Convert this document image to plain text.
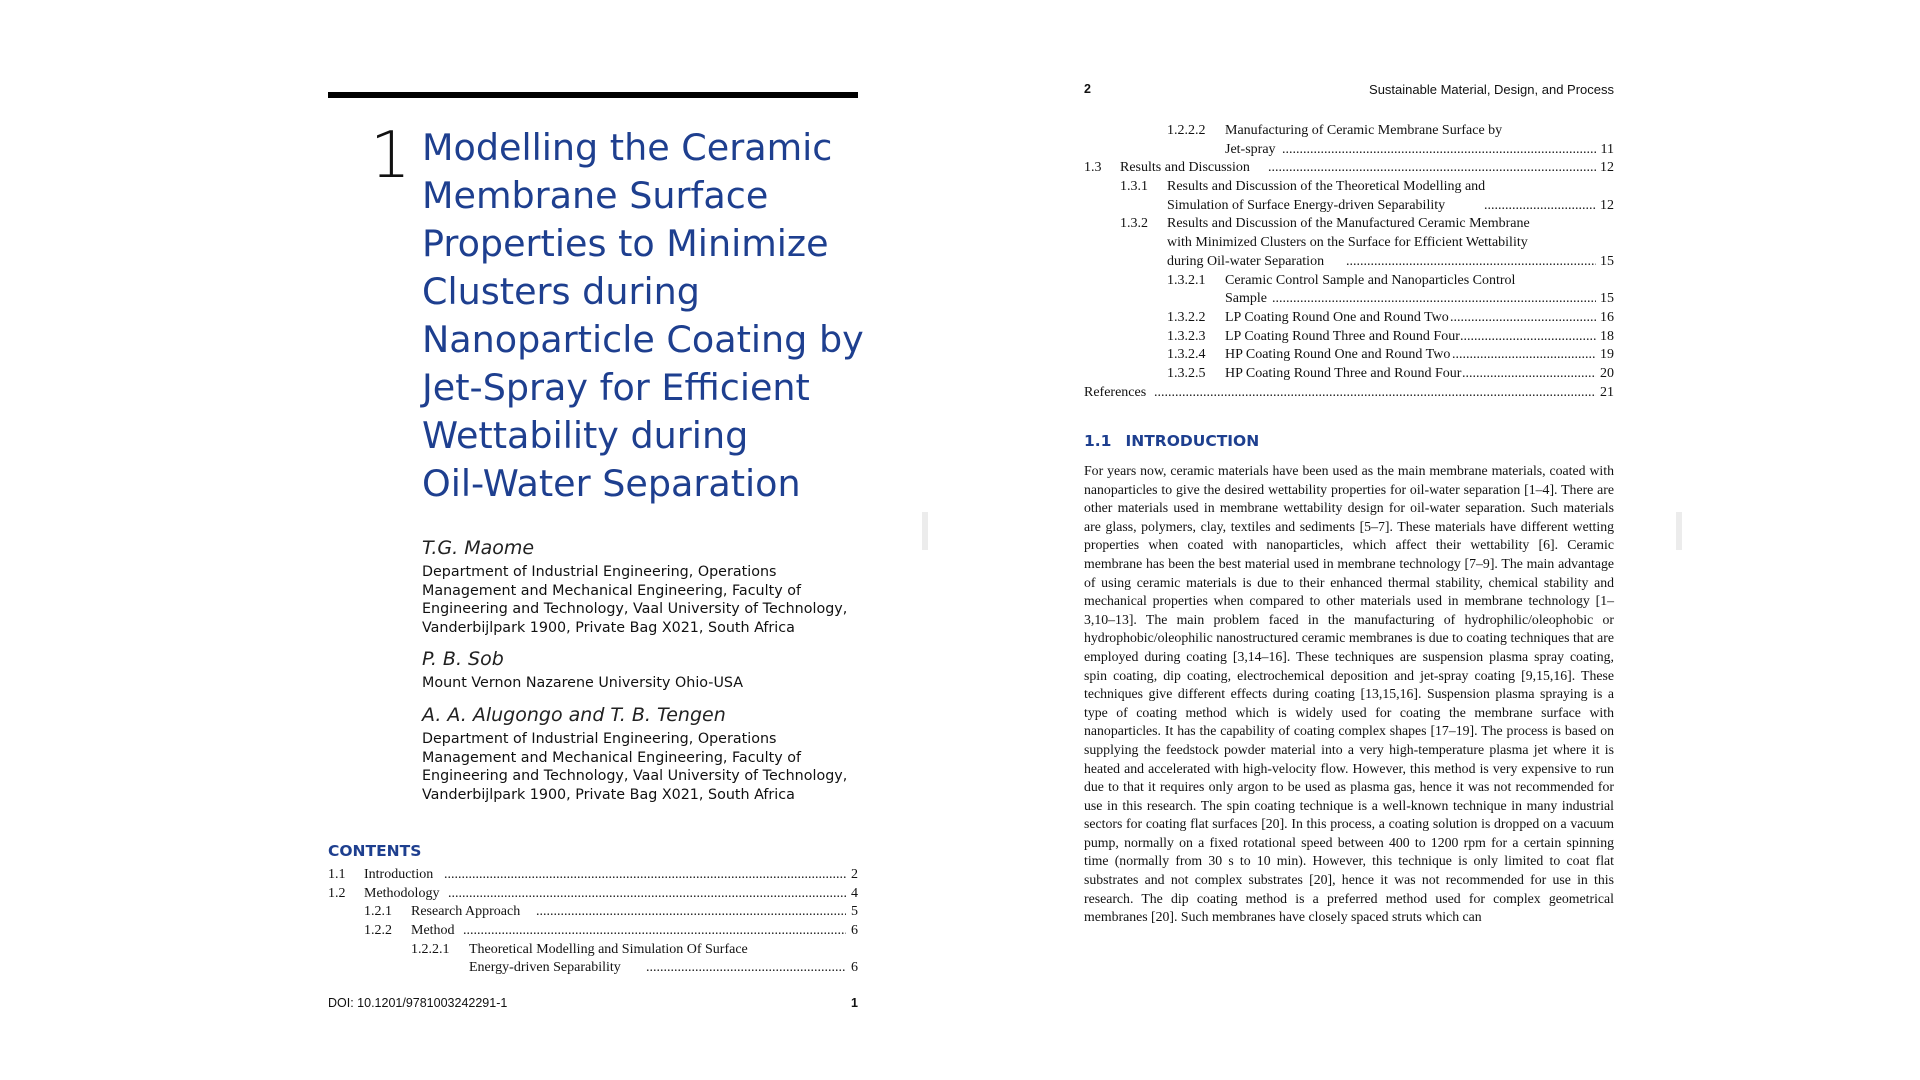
1 Modelling the Ceramic
Membrane Surface
Properties to Minimize
Clusters during
Nanoparticle Coating by
Jet-Spray for Efficient
Wettability during
Oil-Water Separation
T.G. Maome
Department of Industrial Engineering, Operations
Management and Mechanical Engineering, Faculty of
Engineering and Technology, Vaal University of Technology,
Vanderbijlpark 1900, Private Bag X021, South Africa
P. B. Sob
Mount Vernon Nazarene University Ohio-USA
A. A. Alugongo and T. B. Tengen
Department of Industrial Engineering, Operations
Management and Mechanical Engineering, Faculty of
Engineering and Technology, Vaal University of Technology,
Vanderbijlpark 1900, Private Bag X021, South Africa
CONTENTS
1.1 Introduction .....	2
1.2 Methodology .....	4
1.2.1 Research Approach .....	5
1.2.2 Method .....	6
1.2.2.1 Theoretical Modelling and Simulation Of Surface
Energy-driven Separability .....	6
DOI: 10.1201/9781003242291-1	1
2	Sustainable Material, Design, and Process
1.2.2.2 Manufacturing of Ceramic Membrane Surface by
Jet-spray .....	11
1.3 Results and Discussion .....	12
1.3.1 Results and Discussion of the Theoretical Modelling and
Simulation of Surface Energy-driven Separability .....	12
1.3.2 Results and Discussion of the Manufactured Ceramic Membrane
with Minimized Clusters on the Surface for Efficient Wettability
during Oil-water Separation .....	15
1.3.2.1 Ceramic Control Sample and Nanoparticles Control
Sample .....	15
1.3.2.2 LP Coating Round One and Round Two .....	16
1.3.2.3 LP Coating Round Three and Round Four .....	18
1.3.2.4 HP Coating Round One and Round Two .....	19
1.3.2.5 HP Coating Round Three and Round Four .....	20
References .....	21
1.1 INTRODUCTION

For years now, ceramic materials have been used as the main membrane materials, coated with nanoparticles to give the desired wettability properties for oil-water separation [1–4]. There are other materials used in membrane wettability design for oil-water separation. Such materials are glass, polymers, clay, textiles and sediments [5–7]. These materials have different wetting properties when coated with nanoparticles, which affect their wettability [6]. Ceramic membrane has been the best material used in membrane technology [7–9]. The main advantage of using ceramic materials is due to their enhanced thermal stability, chemical stability and mechanical properties when compared to other materials used in membrane technology [1–3,10–13]. The main problem faced in the manufacturing of hydrophilic/oleophobic or hydrophobic/oleophilic nanostructured ceramic membranes is due to coating techniques that are employed during coating [3,14–16]. These techniques are suspension plasma spray coating, spin coating, dip coating, electrochemical deposition and jet-spray coating [9,15,16]. These techniques give different effects during coating [13,15,16]. Suspension plasma spraying is a type of coating method which is widely used for coating the membrane surface with nanoparticles. It has the capability of coating complex shapes [17–19]. The process is based on supplying the feedstock powder material into a very high-temperature plasma jet where it is heated and accelerated with high-velocity flow. However, this method is very expensive to run due to that it requires only argon to be used as plasma gas, hence it was not recommended for use in this research. The spin coating technique is a well-known technique in many industrial sectors for coating flat surfaces [20]. In this process, a coating solution is dropped on a vacuum pump, normally on a fixed rotational speed between 400 to 1200 rpm for a certain spinning time (normally from 30 s to 10 min). However, this technique is only limited to coat flat substrates and not complex substrates [20], hence it was not recommended for use in this research. The dip coating method is a preferred method used for complex geometrical membranes [20]. Such membranes have closely spaced struts which can
